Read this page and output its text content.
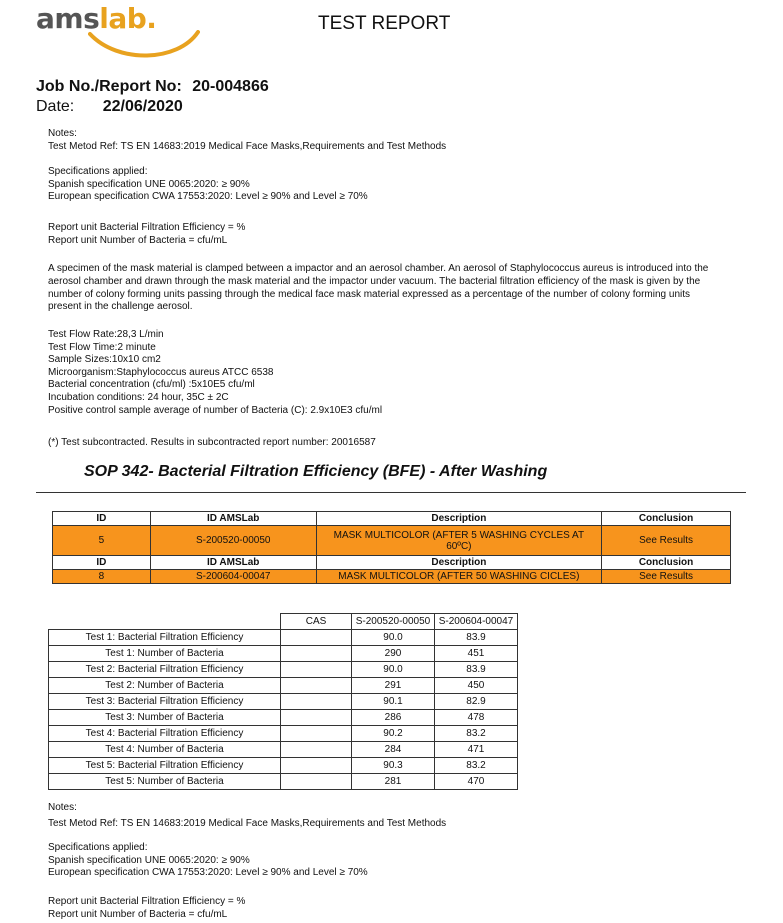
amslab.	TEST REPORT
Job No./Report No: 20-004866
Date: 22/06/2020
Notes:
Test Metod Ref: TS EN 14683:2019 Medical Face Masks,Requirements and Test Methods
Specifications applied:
Spanish specification UNE 0065:2020: ≥ 90%
European specification CWA 17553:2020: Level ≥ 90% and Level ≥ 70%
Report unit Bacterial Filtration Efficiency = %
Report unit Number of Bacteria = cfu/mL
A specimen of the mask material is clamped between a impactor and an aerosol chamber. An aerosol of Staphylococcus aureus is introduced into the aerosol chamber and drawn through the mask material and the impactor under vacuum. The bacterial filtration efficiency of the mask is given by the number of colony forming units passing through the medical face mask material expressed as a percentage of the number of colony forming units present in the challenge aerosol.
Test Flow Rate:28,3 L/min
Test Flow Time:2 minute
Sample Sizes:10x10 cm2
Microorganism:Staphylococcus aureus ATCC 6538
Bacterial concentration (cfu/ml) :5x10E5 cfu/ml
Incubation conditions: 24 hour, 35C ± 2C
Positive control sample average of number of Bacteria (C): 2.9x10E3 cfu/ml
(*) Test subcontracted. Results in subcontracted report number: 20016587
SOP 342- Bacterial Filtration Efficiency (BFE) - After Washing
ID	ID AMSLab	Description	Conclusion
5	S-200520-00050	MASK MULTICOLOR (AFTER 5 WASHING CYCLES AT 60ºC)	See Results
ID	ID AMSLab	Description	Conclusion
8	S-200604-00047	MASK MULTICOLOR (AFTER 50 WASHING CICLES)	See Results
	CAS	S-200520-00050	S-200604-00047
Test 1: Bacterial Filtration Efficiency		90.0	83.9
Test 1: Number of Bacteria		290	451
Test 2: Bacterial Filtration Efficiency		90.0	83.9
Test 2: Number of Bacteria		291	450
Test 3: Bacterial Filtration Efficiency		90.1	82.9
Test 3: Number of Bacteria		286	478
Test 4: Bacterial Filtration Efficiency		90.2	83.2
Test 4: Number of Bacteria		284	471
Test 5: Bacterial Filtration Efficiency		90.3	83.2
Test 5: Number of Bacteria		281	470
Notes:
Test Metod Ref: TS EN 14683:2019 Medical Face Masks,Requirements and Test Methods
Specifications applied:
Spanish specification UNE 0065:2020: ≥ 90%
European specification CWA 17553:2020: Level ≥ 90% and Level ≥ 70%
Report unit Bacterial Filtration Efficiency = %
Report unit Number of Bacteria = cfu/mL
